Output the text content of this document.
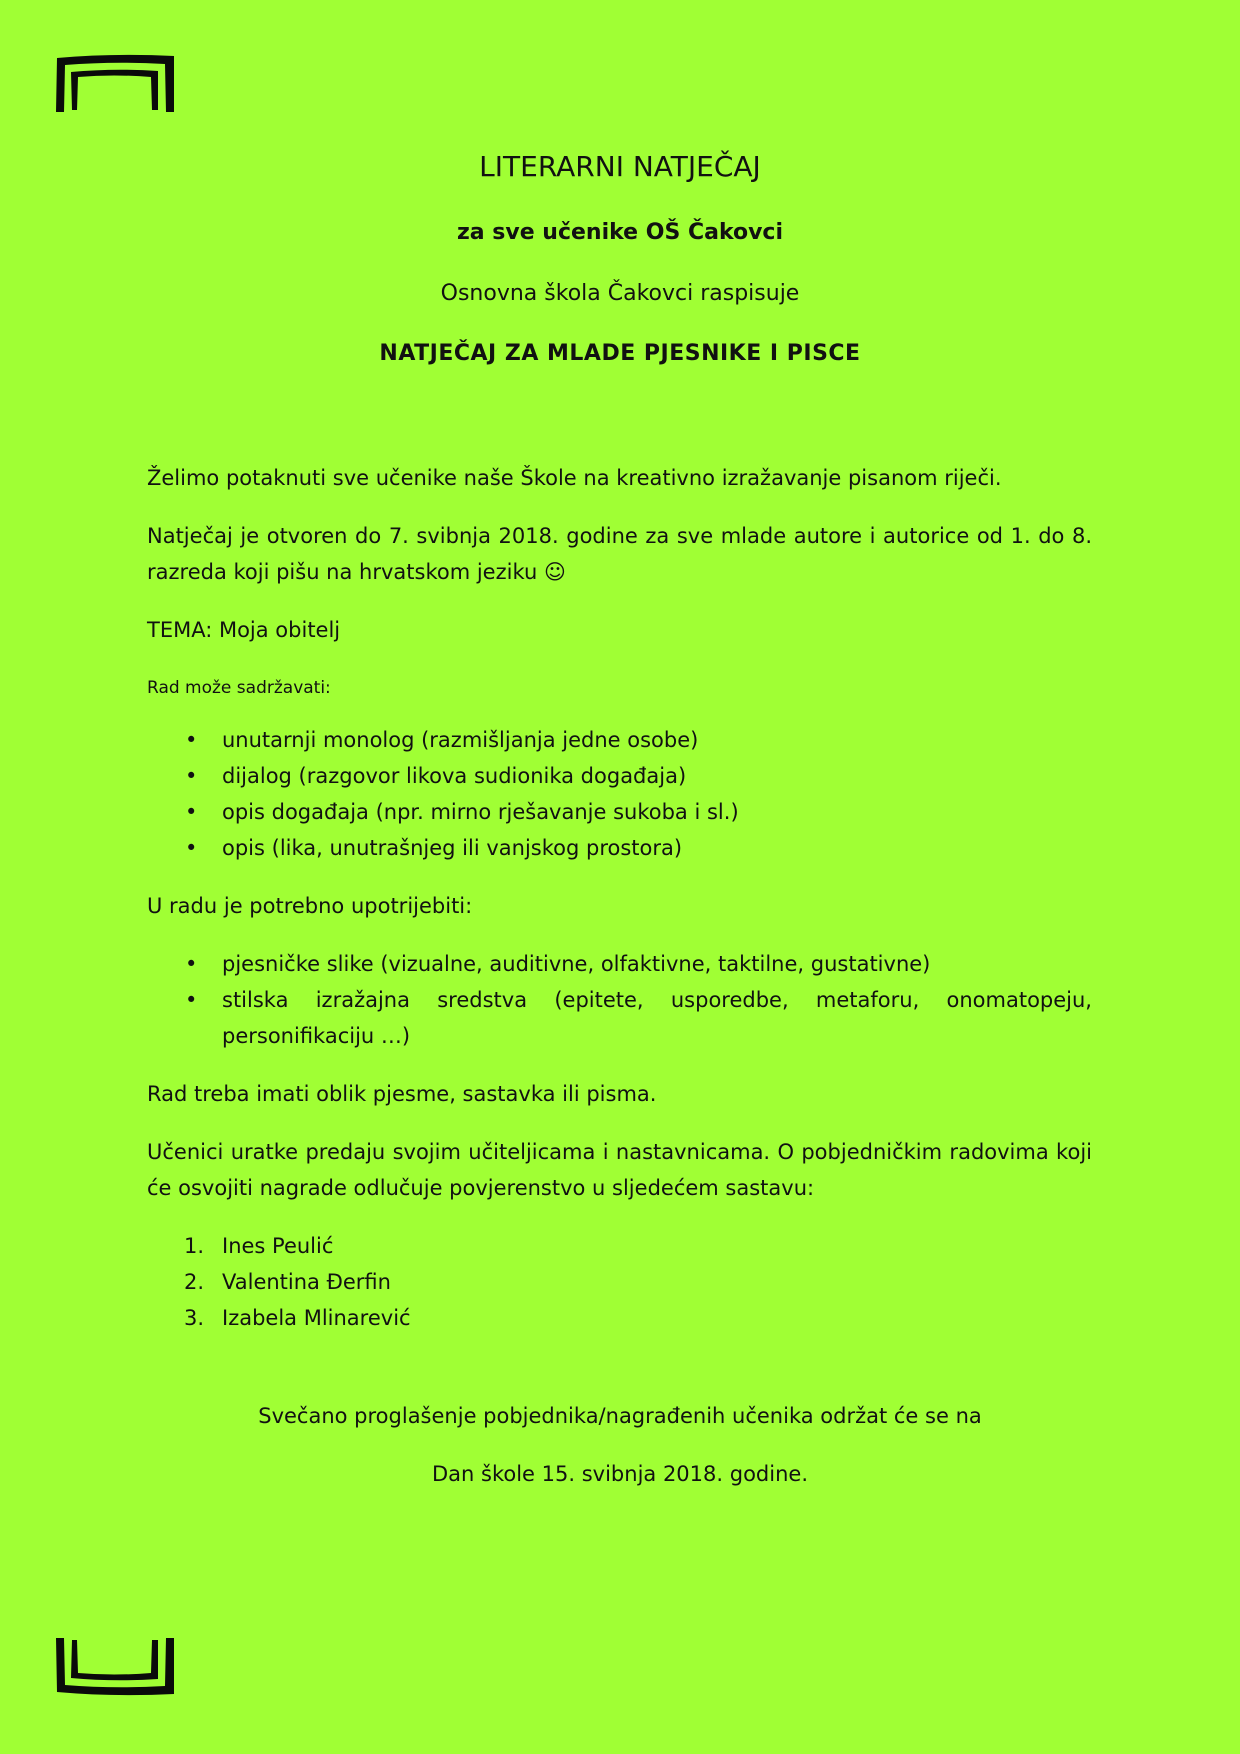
LITERARNI NATJEČAJ

za sve učenike OŠ Čakovci

Osnovna škola Čakovci raspisuje

NATJEČAJ ZA MLADE PJESNIKE I PISCE

Želimo potaknuti sve učenike naše Škole na kreativno izražavanje pisanom riječi.

Natječaj je otvoren do 7. svibnja 2018. godine za sve mlade autore i autorice od 1. do 8. razreda koji pišu na hrvatskom jeziku ☺

TEMA: Moja obitelj

Rad može sadržavati:

• unutarnji monolog (razmišljanja jedne osobe)
• dijalog (razgovor likova sudionika događaja)
• opis događaja (npr. mirno rješavanje sukoba i sl.)
• opis (lika, unutrašnjeg ili vanjskog prostora)

U radu je potrebno upotrijebiti:

• pjesničke slike (vizualne, auditivne, olfaktivne, taktilne, gustativne)
• stilska izražajna sredstva (epitete, usporedbe, metaforu, onomatopeju, personifikaciju …)

Rad treba imati oblik pjesme, sastavka ili pisma.

Učenici uratke predaju svojim učiteljicama i nastavnicama. O pobjedničkim radovima koji će osvojiti nagrade odlučuje povjerenstvo u sljedećem sastavu:

1. Ines Peulić
2. Valentina Đerfin
3. Izabela Mlinarević

Svečano proglašenje pobjednika/nagrađenih učenika održat će se na

Dan škole 15. svibnja 2018. godine.
